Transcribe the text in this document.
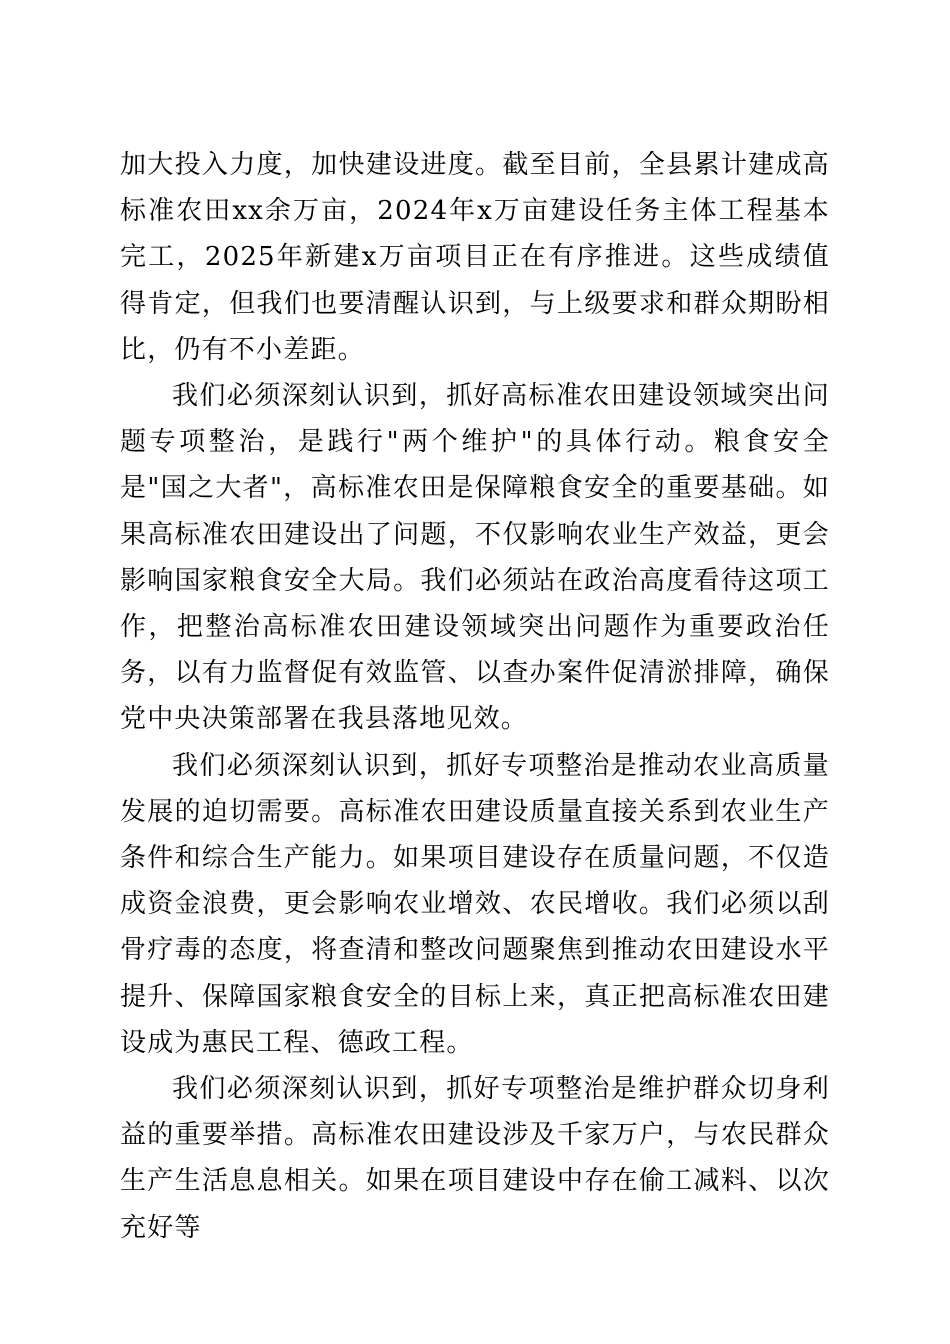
加大投入力度，加快建设进度。截至目前，全县累计建成高标准农田xx余万亩，2024年x万亩建设任务主体工程基本完工，2025年新建x万亩项目正在有序推进。这些成绩值得肯定，但我们也要清醒认识到，与上级要求和群众期盼相比，仍有不小差距。

我们必须深刻认识到，抓好高标准农田建设领域突出问题专项整治，是践行"两个维护"的具体行动。粮食安全是"国之大者"，高标准农田是保障粮食安全的重要基础。如果高标准农田建设出了问题，不仅影响农业生产效益，更会影响国家粮食安全大局。我们必须站在政治高度看待这项工作，把整治高标准农田建设领域突出问题作为重要政治任务，以有力监督促有效监管、以查办案件促清淤排障，确保党中央决策部署在我县落地见效。

我们必须深刻认识到，抓好专项整治是推动农业高质量发展的迫切需要。高标准农田建设质量直接关系到农业生产条件和综合生产能力。如果项目建设存在质量问题，不仅造成资金浪费，更会影响农业增效、农民增收。我们必须以刮骨疗毒的态度，将查清和整改问题聚焦到推动农田建设水平提升、保障国家粮食安全的目标上来，真正把高标准农田建设成为惠民工程、德政工程。

我们必须深刻认识到，抓好专项整治是维护群众切身利益的重要举措。高标准农田建设涉及千家万户，与农民群众生产生活息息相关。如果在项目建设中存在偷工减料、以次充好等
